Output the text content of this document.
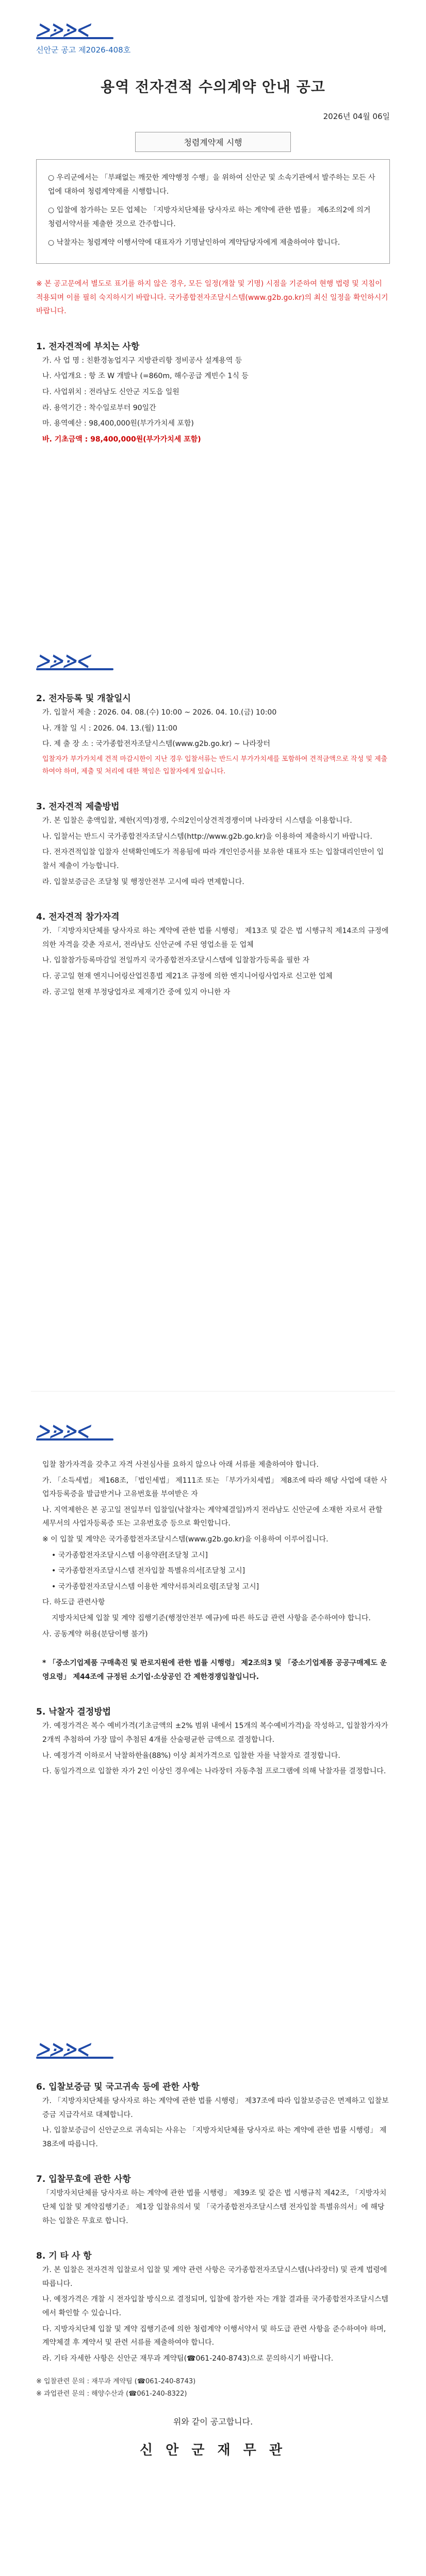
ᐳᐷᐷᐸ
신안군 공고 제2026-408호
용역 전자견적 수의계약 안내 공고
2026년 04월 06일
청렴계약제 시행

○ 우리군에서는 「부패없는 깨끗한 계약행정 수행」을 위하여 신안군 및 소속기관에서 발주하는 모든 사업에 대하여 청렴계약제를 시행합니다.

○ 입찰에 참가하는 모든 업체는 「지방자치단체를 당사자로 하는 계약에 관한 법률」 제6조의2에 의거 청렴서약서를 제출한 것으로 간주합니다.

○ 낙찰자는 청렴계약 이행서약에 대표자가 기명날인하여 계약담당자에게 제출하여야 합니다.

※ 본 공고문에서 별도로 표기를 하지 않은 경우, 모든 일정(개찰 및 기명) 시점을 기준하여 현행 법령 및 지침이 적용되며 이를 필히 숙지하시기 바랍니다. 국가종합전자조달시스템(www.g2b.go.kr)의 최신 일정을 확인하시기 바랍니다.

1. 전자견적에 부치는 사항
가. 사 업 명 : 친환경농업지구 지방관리항 정비공사 설계용역 등
나. 사업개요 : 항 조 W 개발나 (=860m, 해수공급 계빈수 1식 등
다. 사업위치 : 전라남도 신안군 지도읍 일원
라. 용역기간 : 착수일로부터 90일간
마. 용역예산 : 98,400,000원(부가가치세 포함)
바. 기초금액 : 98,400,000원(부가가치세 포함)
ᐳᐷᐷᐸ
2. 전자등록 및 개찰일시
가. 입찰서 제출 : 2026. 04. 08.(수) 10:00 ~ 2026. 04. 10.(금) 10:00
나. 개찰 일 시 : 2026. 04. 13.(월) 11:00
다. 제 출 장 소 : 국가종합전자조달시스템(www.g2b.go.kr) ~ 나라장터
입찰자가 부가가치세 견적 마감시한이 지난 경우 입찰서류는 반드시 부가가치세를 포함하여 견적금액으로 작성 및 제출하여야 하며, 제출 및 처리에 대한 책임은 입찰자에게 있습니다.
3. 전자견적 제출방법
가. 본 입찰은 총액입찰, 제한(지역)경쟁, 수의2인이상견적경쟁이며 나라장터 시스템을 이용합니다.
나. 입찰서는 반드시 국가종합전자조달시스템(http://www.g2b.go.kr)을 이용하여 제출하시기 바랍니다.
다. 전자견적입찰 입찰자 선택확인메도가 적용됨에 따라 개인인증서를 보유한 대표자 또는 입찰대리인만이 입찰서 제출이 가능합니다.
라. 입찰보증금은 조달청 및 행정안전부 고시에 따라 면제합니다.
4. 전자견적 참가자격
가. 「지방자치단체를 당사자로 하는 계약에 관한 법률 시행령」 제13조 및 같은 법 시행규칙 제14조의 규정에 의한 자격을 갖춘 자로서, 전라남도 신안군에 주된 영업소를 둔 업체
나. 입찰참가등록마감일 전일까지 국가종합전자조달시스템에 입찰참가등록을 필한 자
다. 공고일 현재 엔지니어링산업진흥법 제21조 규정에 의한 엔지니어링사업자로 신고한 업체
라. 공고일 현재 부정당업자로 제재기간 중에 있지 아니한 자
ᐳᐷᐷᐸ
입찰 참가자격을 갖추고 자격 사전심사를 요하지 않으나 아래 서류를 제출하여야 합니다.
가. 「소득세법」 제168조, 「법인세법」 제111조 또는 「부가가치세법」 제8조에 따라 해당 사업에 대한 사업자등록증을 발급받거나 고유번호를 부여받은 자
나. 지역제한은 본 공고일 전일부터 입찰일(낙찰자는 계약체결일)까지 전라남도 신안군에 소재한 자로서 관할 세무서의 사업자등록증 또는 고유번호증 등으로 확인합니다.
※ 이 입찰 및 계약은 국가종합전자조달시스템(www.g2b.go.kr)을 이용하여 이루어집니다.
• 국가종합전자조달시스템 이용약관[조달청 고시]
• 국가종합전자조달시스템 전자입찰 특별유의서[조달청 고시]
• 국가종합전자조달시스템 이용한 계약서류처리요령[조달청 고시]
다. 하도급 관련사항
지방자치단체 입찰 및 계약 집행기준(행정안전부 예규)에 따른 하도급 관련 사항을 준수하여야 합니다.
사. 공동계약 허용(분담이행 불가)
* 「중소기업제품 구매촉진 및 판로지원에 관한 법률 시행령」 제2조의3 및 「중소기업제품 공공구매제도 운영요령」 제44조에 규정된 소기업·소상공인 간 제한경쟁입찰입니다.
5. 낙찰자 결정방법
가. 예정가격은 복수 예비가격(기초금액의 ±2% 범위 내에서 15개의 복수예비가격)을 작성하고, 입찰참가자가 2개씩 추첨하여 가장 많이 추첨된 4개를 산술평균한 금액으로 결정합니다.
나. 예정가격 이하로서 낙찰하한율(88%) 이상 최저가격으로 입찰한 자를 낙찰자로 결정합니다.
다. 동일가격으로 입찰한 자가 2인 이상인 경우에는 나라장터 자동추첨 프로그램에 의해 낙찰자를 결정합니다.
ᐳᐷᐷᐸ
6. 입찰보증금 및 국고귀속 등에 관한 사항
가. 「지방자치단체를 당사자로 하는 계약에 관한 법률 시행령」 제37조에 따라 입찰보증금은 면제하고 입찰보증금 지급각서로 대체합니다.
나. 입찰보증금이 신안군으로 귀속되는 사유는 「지방자치단체를 당사자로 하는 계약에 관한 법률 시행령」 제38조에 따릅니다.
7. 입찰무효에 관한 사항
「지방자치단체를 당사자로 하는 계약에 관한 법률 시행령」 제39조 및 같은 법 시행규칙 제42조, 「지방자치단체 입찰 및 계약집행기준」 제1장 입찰유의서 및 「국가종합전자조달시스템 전자입찰 특별유의서」에 해당하는 입찰은 무효로 합니다.
8. 기 타 사 항
가. 본 입찰은 전자견적 입찰로서 입찰 및 계약 관련 사항은 국가종합전자조달시스템(나라장터) 및 관계 법령에 따릅니다.
나. 예정가격은 개찰 시 전자입찰 방식으로 결정되며, 입찰에 참가한 자는 개찰 결과를 국가종합전자조달시스템에서 확인할 수 있습니다.
다. 지방자치단체 입찰 및 계약 집행기준에 의한 청렴계약 이행서약서 및 하도급 관련 사항을 준수하여야 하며, 계약체결 후 계약서 및 관련 서류를 제출하여야 합니다.
라. 기타 자세한 사항은 신안군 재무과 계약팀(☎061-240-8743)으로 문의하시기 바랍니다.
※ 입찰관련 문의 : 재무과 계약팀 (☎061-240-8743)
※ 과업관련 문의 : 해양수산과 (☎061-240-8322)
위와 같이 공고합니다.
신 안 군 재 무 관
